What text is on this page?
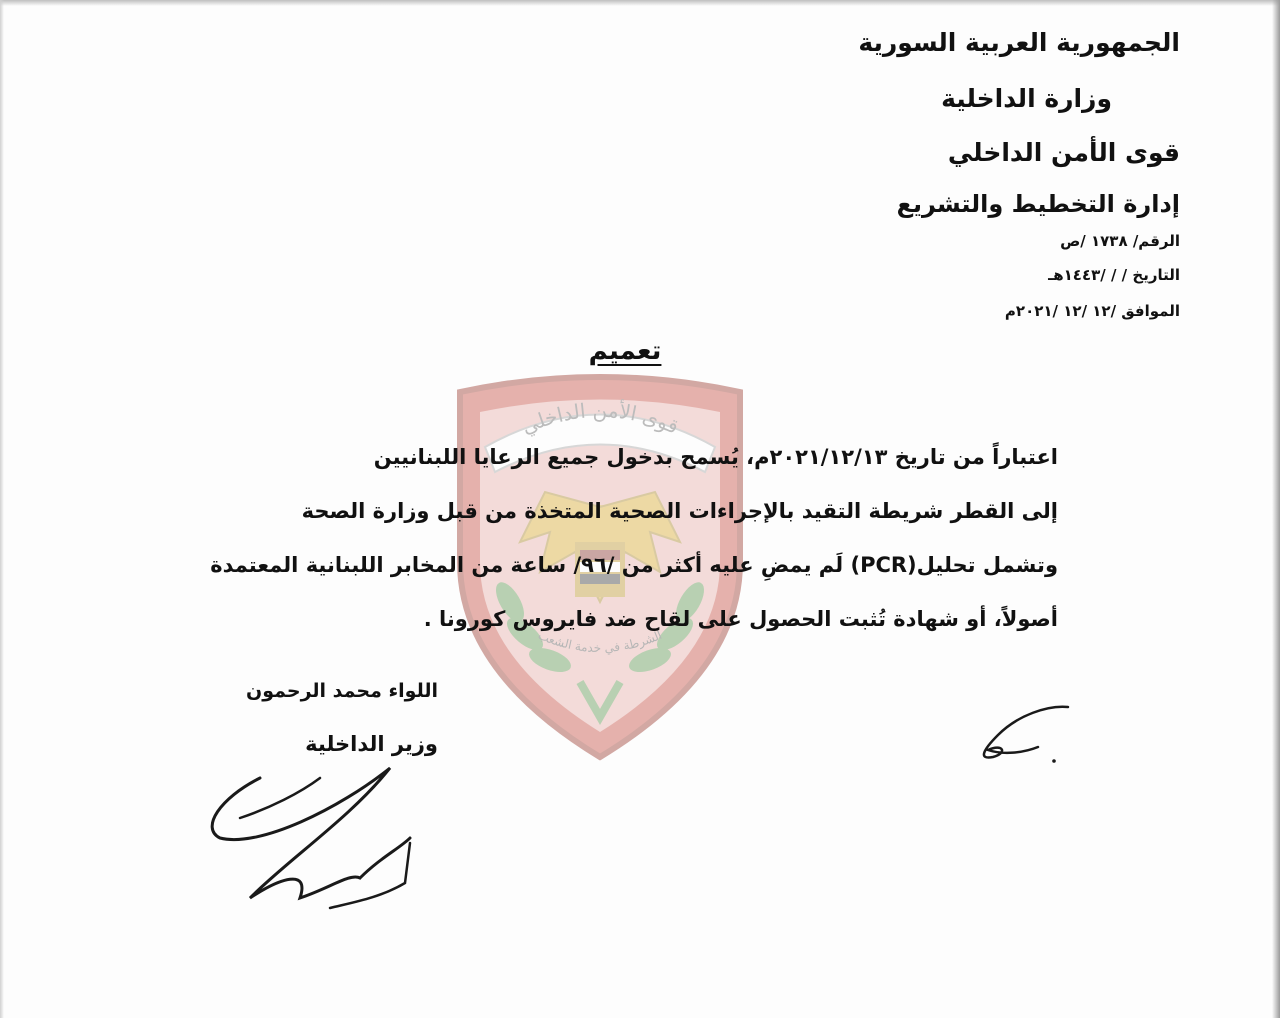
قوى الأمن الداخلي
الشرطة في خدمة الشعب
الجمهورية العربية السورية
وزارة الداخلية
قوى الأمن الداخلي
إدارة التخطيط والتشريع
الرقم/ ١٧٣٨ /ص
التاريخ / / /١٤٤٣هـ
الموافق /١٢ /١٢ /٢٠٢١م
تعميم

اعتباراً من تاريخ ٢٠٢١/١٢/١٣م، يُسمح بدخول جميع الرعايا اللبنانيين

إلى القطر شريطة التقيد بالإجراءات الصحية المتخذة من قبل وزارة الصحة

وتشمل تحليل(PCR) لَم يمضِ عليه أكثر من /٩٦/ ساعة من المخابر اللبنانية المعتمدة

أصولاً، أو شهادة تُثبت الحصول على لقاح ضد فايروس كورونا .

اللواء محمد الرحمون
وزير الداخلية
